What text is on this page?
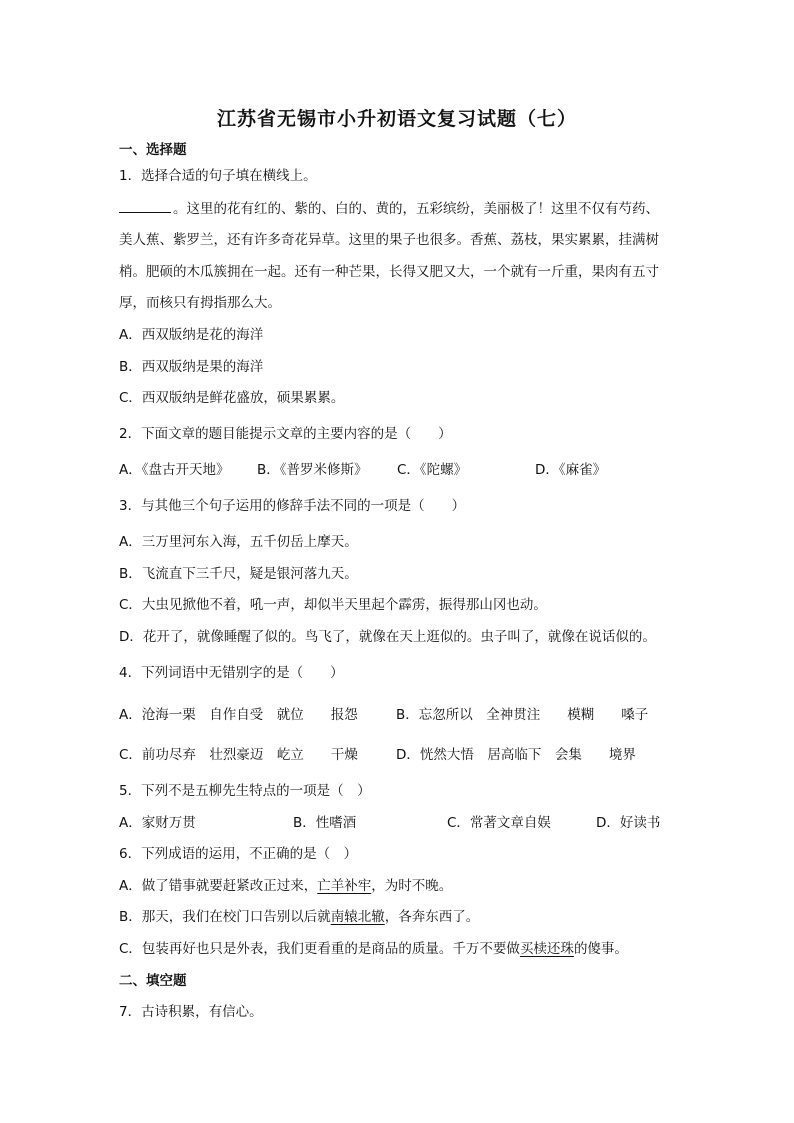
江苏省无锡市小升初语文复习试题（七）
一、选择题
1．选择合适的句子填在横线上。
。这里的花有红的、紫的、白的、黄的，五彩缤纷，美丽极了！这里不仅有芍药、
美人蕉、紫罗兰，还有许多奇花异草。这里的果子也很多。香蕉、荔枝，果实累累，挂满树
梢。肥硕的木瓜簇拥在一起。还有一种芒果，长得又肥又大，一个就有一斤重，果肉有五寸
厚，而核只有拇指那么大。
A．西双版纳是花的海洋
B．西双版纳是果的海洋
C．西双版纳是鲜花盛放，硕果累累。
2．下面文章的题目能提示文章的主要内容的是（　　）
A．《盘古开天地》 B．《普罗米修斯》 C．《陀螺》	D．《麻雀》
3．与其他三个句子运用的修辞手法不同的一项是（　　）
A．三万里河东入海，五千仞岳上摩天。
B．飞流直下三千尺，疑是银河落九天。
C．大虫见掀他不着，吼一声，却似半天里起个霹雳，振得那山冈也动。
D．花开了，就像睡醒了似的。鸟飞了，就像在天上逛似的。虫子叫了，就像在说话似的。
4．下列词语中无错别字的是（　　）
A．沧海一栗　自作自受　就位　　报怨	B．忘忽所以　全神贯注　　模糊　　嗓子
C．前功尽弃　壮烈豪迈　屹立　　干燥	D．恍然大悟　居高临下　会集　　境界
5．下列不是五柳先生特点的一项是（　）
A．家财万贯	B．性嗜酒	C．常著文章自娱	D．好读书
6．下列成语的运用，不正确的是（　）
A．做了错事就要赶紧改正过来，亡羊补牢，为时不晚。
B．那天，我们在校门口告别以后就南辕北辙，各奔东西了。
C．包装再好也只是外表，我们更看重的是商品的质量。千万不要做买椟还珠的傻事。
二、填空题
7．古诗积累，有信心。
